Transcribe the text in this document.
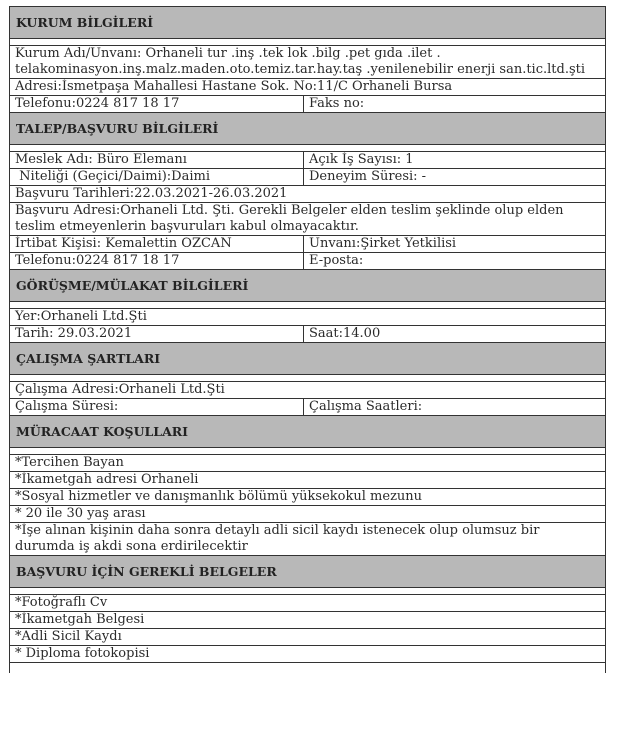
KURUM BİLGİLERİ
Kurum Adı/Unvanı: Orhaneli tur .inş .tek lok .bilg .pet gıda .ilet .
telakominasyon.inş.malz.maden.oto.temiz.tar.hay.taş .yenilenebilir enerji san.tic.ltd.şti
Adresi:İsmetpaşa Mahallesi Hastane Sok. No:11/C Orhaneli Bursa
Telefonu:0224 817 18 17	Faks no:
TALEP/BAŞVURU BİLGİLERİ
Meslek Adı: Büro Elemanı	Açık İş Sayısı: 1
Niteliği (Geçici/Daimi):Daimi	Deneyim Süresi: -
Başvuru Tarihleri:22.03.2021-26.03.2021
Başvuru Adresi:Orhaneli Ltd. Şti. Gerekli Belgeler elden teslim şeklinde olup elden
teslim etmeyenlerin başvuruları kabul olmayacaktır.
İrtibat Kişisi: Kemalettin ÖZCAN	Unvanı:Şirket Yetkilisi
Telefonu:0224 817 18 17	E-posta:
GÖRÜŞME/MÜLAKAT BİLGİLERİ
Yer:Orhaneli Ltd.Şti
Tarih: 29.03.2021	Saat:14.00
ÇALIŞMA ŞARTLARI
Çalışma Adresi:Orhaneli Ltd.Şti
Çalışma Süresi:	Çalışma Saatleri:
MÜRACAAT KOŞULLARI
*Tercihen Bayan
*İkametgah adresi Orhaneli
*Sosyal hizmetler ve danışmanlık bölümü yüksekokul mezunu
* 20 ile 30 yaş arası
*İşe alınan kişinin daha sonra detaylı adli sicil kaydı istenecek olup olumsuz bir
durumda iş akdi sona erdirilecektir
BAŞVURU İÇİN GEREKLİ BELGELER
*Fotoğraflı Cv
*İkametgah Belgesi
*Adli Sicil Kaydı
* Diploma fotokopisi
